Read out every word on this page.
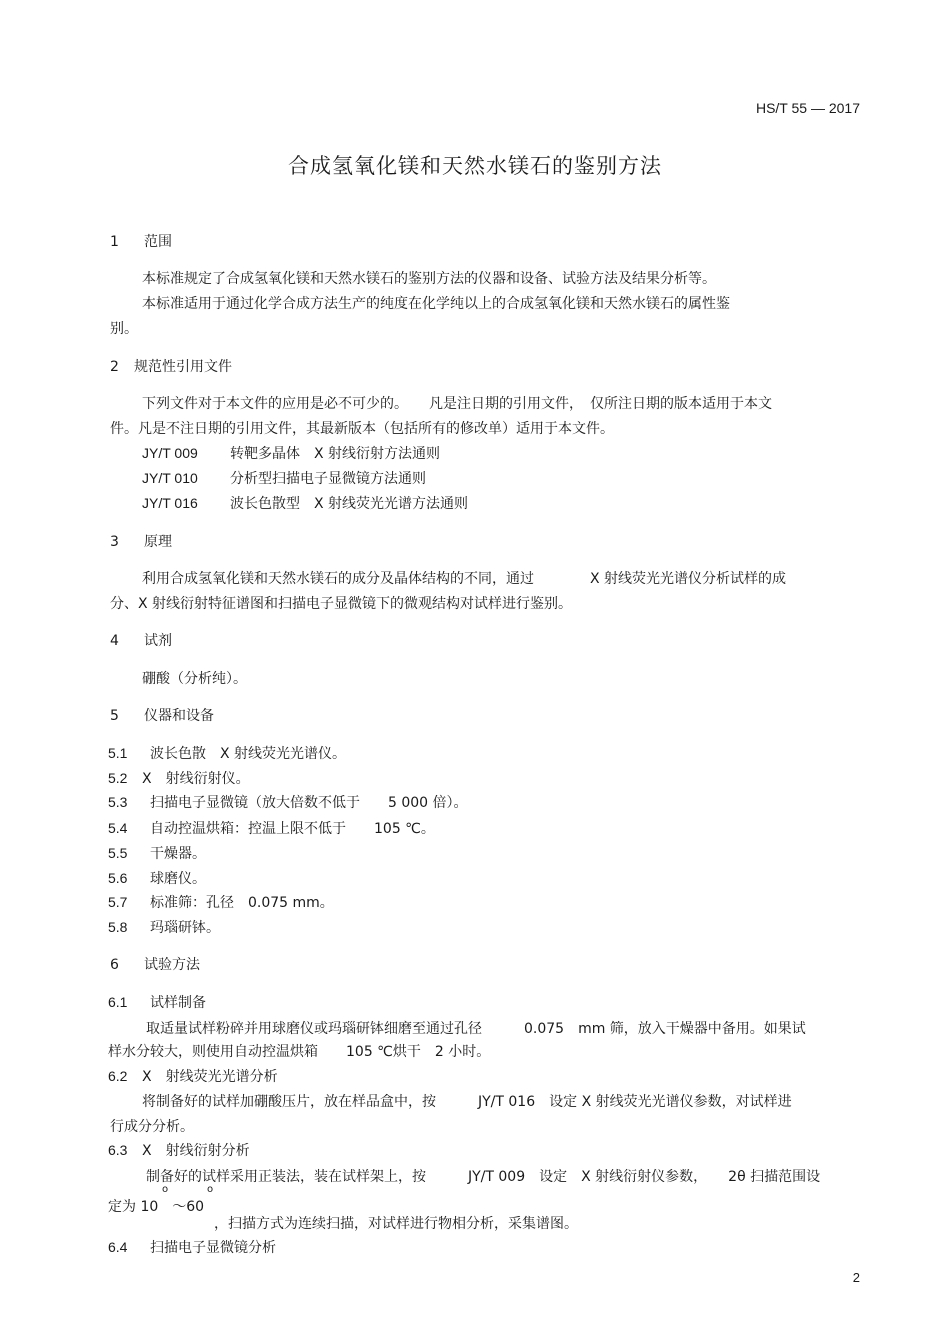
HS/T 55 — 2017
合成氢氧化镁和天然水镁石的鉴别方法
1 范围
本标准规定了合成氢氧化镁和天然水镁石的鉴别方法的仪器和设备、试验方法及结果分析等。
本标准适用于通过化学合成方法生产的纯度在化学纯以上的合成氢氧化镁和天然水镁石的属性鉴
别。
2 规范性引用文件
下列文件对于本文件的应用是必不可少的。　　凡是注日期的引用文件，　仅所注日期的版本适用于本文
件。凡是不注日期的引用文件，其最新版本（包括所有的修改单）适用于本文件。
JY/T 009 转靶多晶体　X 射线衍射方法通则
JY/T 010 分析型扫描电子显微镜方法通则
JY/T 016 波长色散型　X 射线荧光光谱方法通则
3 原理
利用合成氢氧化镁和天然水镁石的成分及晶体结构的不同，通过　　　　X 射线荧光光谱仪分析试样的成
分、X 射线衍射特征谱图和扫描电子显微镜下的微观结构对试样进行鉴别。
4 试剂
硼酸（分析纯）。
5 仪器和设备
5.1 波长色散　X 射线荧光光谱仪。
5.2 X　射线衍射仪。
5.3 扫描电子显微镜（放大倍数不低于　　5 000 倍）。
5.4 自动控温烘箱：控温上限不低于　　105 ℃。
5.5 干燥器。
5.6 球磨仪。
5.7 标准筛：孔径　0.075 mm。
5.8 玛瑙研钵。
6 试验方法
6.1 试样制备
取适量试样粉碎并用球磨仪或玛瑙研钵细磨至通过孔径　　　0.075　mm 筛，放入干燥器中备用。如果试
样水分较大，则使用自动控温烘箱　　105 ℃烘干　2 小时。
6.2 X　射线荧光光谱分析
将制备好的试样加硼酸压片，放在样品盒中，按　　　JY/T 016　设定 X 射线荧光光谱仪参数，对试样进
行成分分析。
6.3 X　射线衍射分析
制备好的试样采用正装法，装在试样架上，按　　　JY/T 009　设定　X 射线衍射仪参数，　　2θ 扫描范围设
定为 10　～60
o	o
，扫描方式为连续扫描，对试样进行物相分析，采集谱图。
6.4 扫描电子显微镜分析
2
